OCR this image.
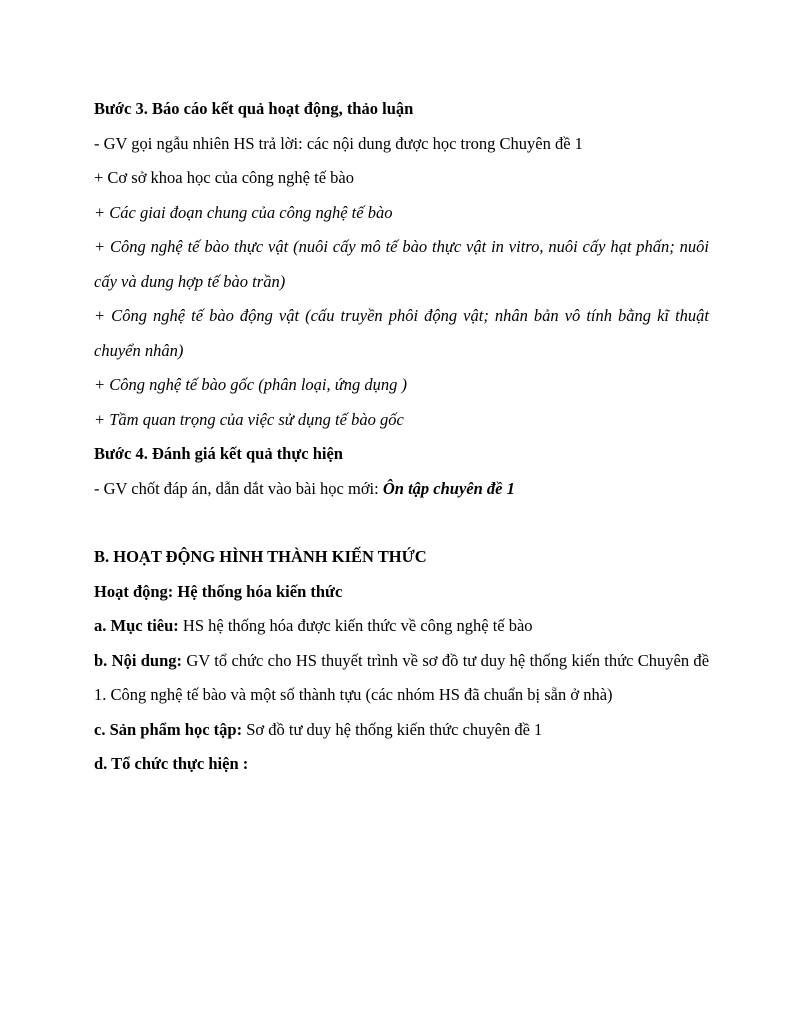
Bước 3. Báo cáo kết quả hoạt động, thảo luận

- GV gọi ngẫu nhiên HS trả lời: các nội dung được học trong Chuyên đề 1

+ Cơ sở khoa học của công nghệ tế bào

+ Các giai đoạn chung của công nghệ tế bào

+ Công nghệ tế bào thực vật (nuôi cấy mô tế bào thực vật in vitro, nuôi cấy hạt phấn; nuôi cấy và dung hợp tế bào trần)

+ Công nghệ tế bào động vật (cấu truyền phôi động vật; nhân bản vô tính bằng kĩ thuật chuyển nhân)

+ Công nghệ tế bào gốc (phân loại, ứng dụng )

+ Tầm quan trọng của việc sử dụng tế bào gốc

Bước 4. Đánh giá kết quả thực hiện

- GV chốt đáp án, dẫn dắt vào bài học mới: Ôn tập chuyên đề 1

B. HOẠT ĐỘNG HÌNH THÀNH KIẾN THỨC

Hoạt động: Hệ thống hóa kiến thức

a. Mục tiêu: HS hệ thống hóa được kiến thức về công nghệ tế bào

b. Nội dung: GV tổ chức cho HS thuyết trình về sơ đồ tư duy hệ thống kiến thức Chuyên đề 1. Công nghệ tế bào và một số thành tựu (các nhóm HS đã chuẩn bị sẵn ở nhà)

c. Sản phẩm học tập: Sơ đồ tư duy hệ thống kiến thức chuyên đề 1

d. Tổ chức thực hiện :
